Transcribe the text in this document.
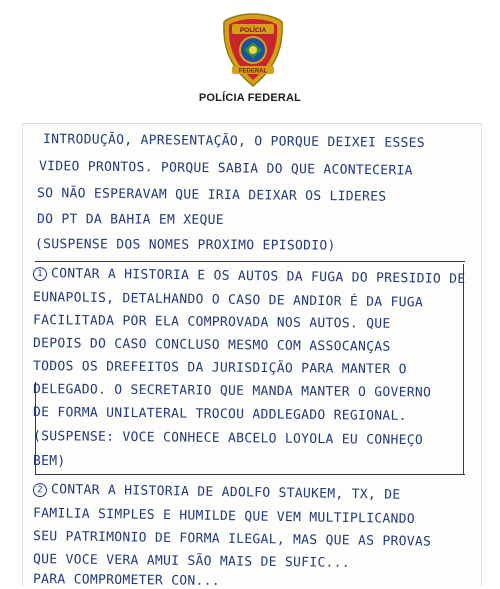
POLÍCIA
FEDERAL
POLÍCIA FEDERAL
INTRODUÇÃO, APRESENTAÇÃO, O PORQUE DEIXEI ESSES
VIDEO PRONTOS. PORQUE SABIA DO QUE ACONTECERIA
SO NÃO ESPERAVAM QUE IRIA DEIXAR OS LIDERES
DO PT DA BAHIA EM XEQUE
(SUSPENSE DOS NOMES PROXIMO EPISODIO)
1 CONTAR A HISTORIA E OS AUTOS DA FUGA DO PRESIDIO DE
EUNAPOLIS, DETALHANDO O CASO DE ANDIOR É DA FUGA
FACILITADA POR ELA COMPROVADA NOS AUTOS. QUE
DEPOIS DO CASO CONCLUSO MESMO COM ASSOCANÇAS
TODOS OS DREFEITOS DA JURISDIÇÃO PARA MANTER O
DELEGADO. O SECRETARIO QUE MANDA MANTER O GOVERNO
DE FORMA UNILATERAL TROCOU ADDLEGADO REGIONAL.
(SUSPENSE: VOCE CONHECE ABCELO LOYOLA EU CONHEÇO
BEM)
2 CONTAR A HISTORIA DE ADOLFO STAUKEM, TX, DE
FAMILIA SIMPLES E HUMILDE QUE VEM MULTIPLICANDO
SEU PATRIMONIO DE FORMA ILEGAL, MAS QUE AS PROVAS
QUE VOCE VERA AMUI SÃO MAIS DE SUFIC...
PARA COMPROMETER CON...
